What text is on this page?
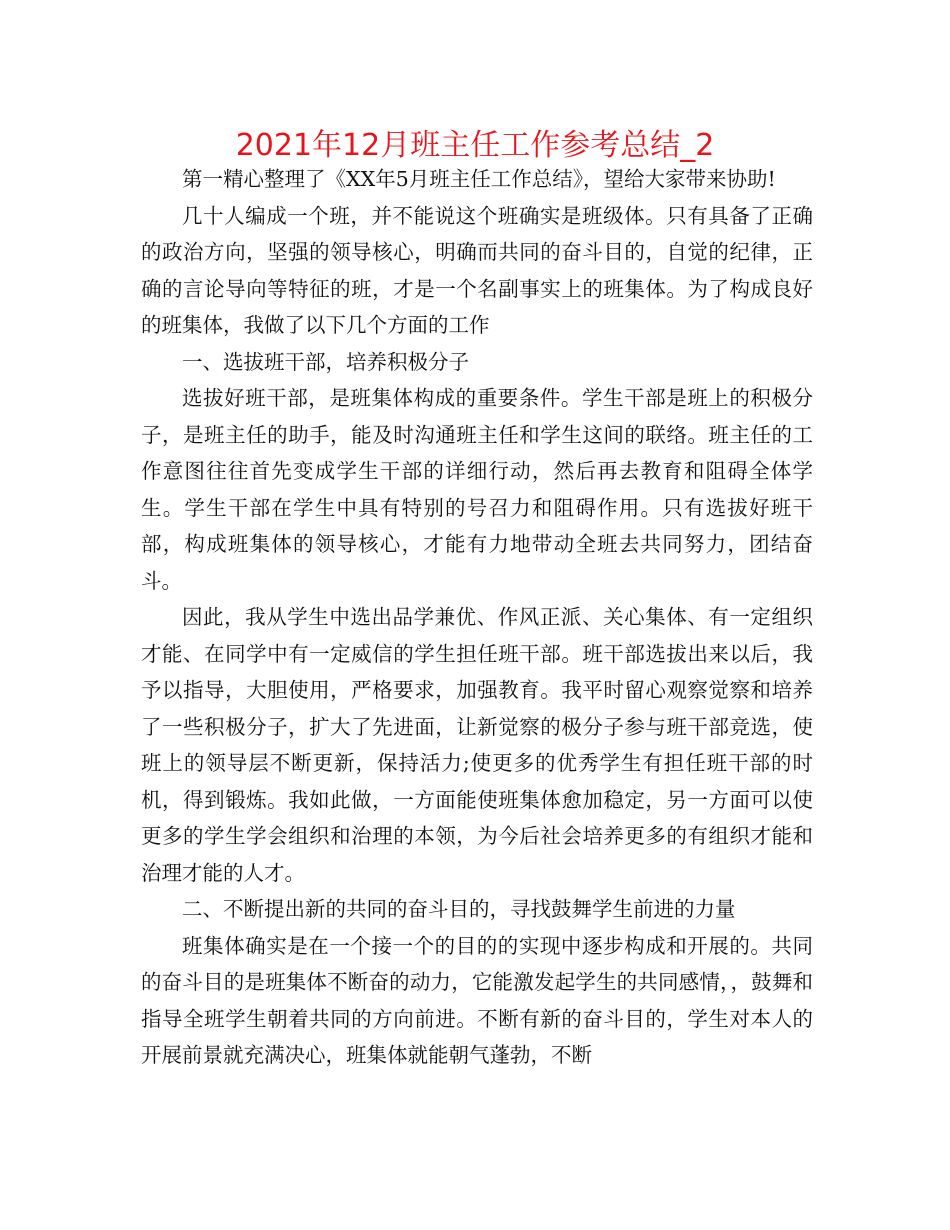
2021年12月班主任工作参考总结_2

第一精心整理了《XX年5月班主任工作总结》，望给大家带来协助!

几十人编成一个班，并不能说这个班确实是班级体。只有具备了正确的政治方向，坚强的领导核心，明确而共同的奋斗目的，自觉的纪律，正确的言论导向等特征的班，才是一个名副事实上的班集体。为了构成良好的班集体，我做了以下几个方面的工作

一、选拔班干部，培养积极分子

选拔好班干部，是班集体构成的重要条件。学生干部是班上的积极分子，是班主任的助手，能及时沟通班主任和学生这间的联络。班主任的工作意图往往首先变成学生干部的详细行动，然后再去教育和阻碍全体学生。学生干部在学生中具有特别的号召力和阻碍作用。只有选拔好班干部，构成班集体的领导核心，才能有力地带动全班去共同努力，团结奋斗。

因此，我从学生中选出品学兼优、作风正派、关心集体、有一定组织才能、在同学中有一定威信的学生担任班干部。班干部选拔出来以后，我予以指导，大胆使用，严格要求，加强教育。我平时留心观察觉察和培养了一些积极分子，扩大了先进面，让新觉察的极分子参与班干部竞选，使班上的领导层不断更新，保持活力;使更多的优秀学生有担任班干部的时机，得到锻炼。我如此做，一方面能使班集体愈加稳定，另一方面可以使更多的学生学会组织和治理的本领，为今后社会培养更多的有组织才能和治理才能的人才。

二、不断提出新的共同的奋斗目的，寻找鼓舞学生前进的力量

班集体确实是在一个接一个的目的的实现中逐步构成和开展的。共同的奋斗目的是班集体不断奋的动力，它能激发起学生的共同感情，，鼓舞和指导全班学生朝着共同的方向前进。不断有新的奋斗目的，学生对本人的开展前景就充满决心，班集体就能朝气蓬勃，不断
